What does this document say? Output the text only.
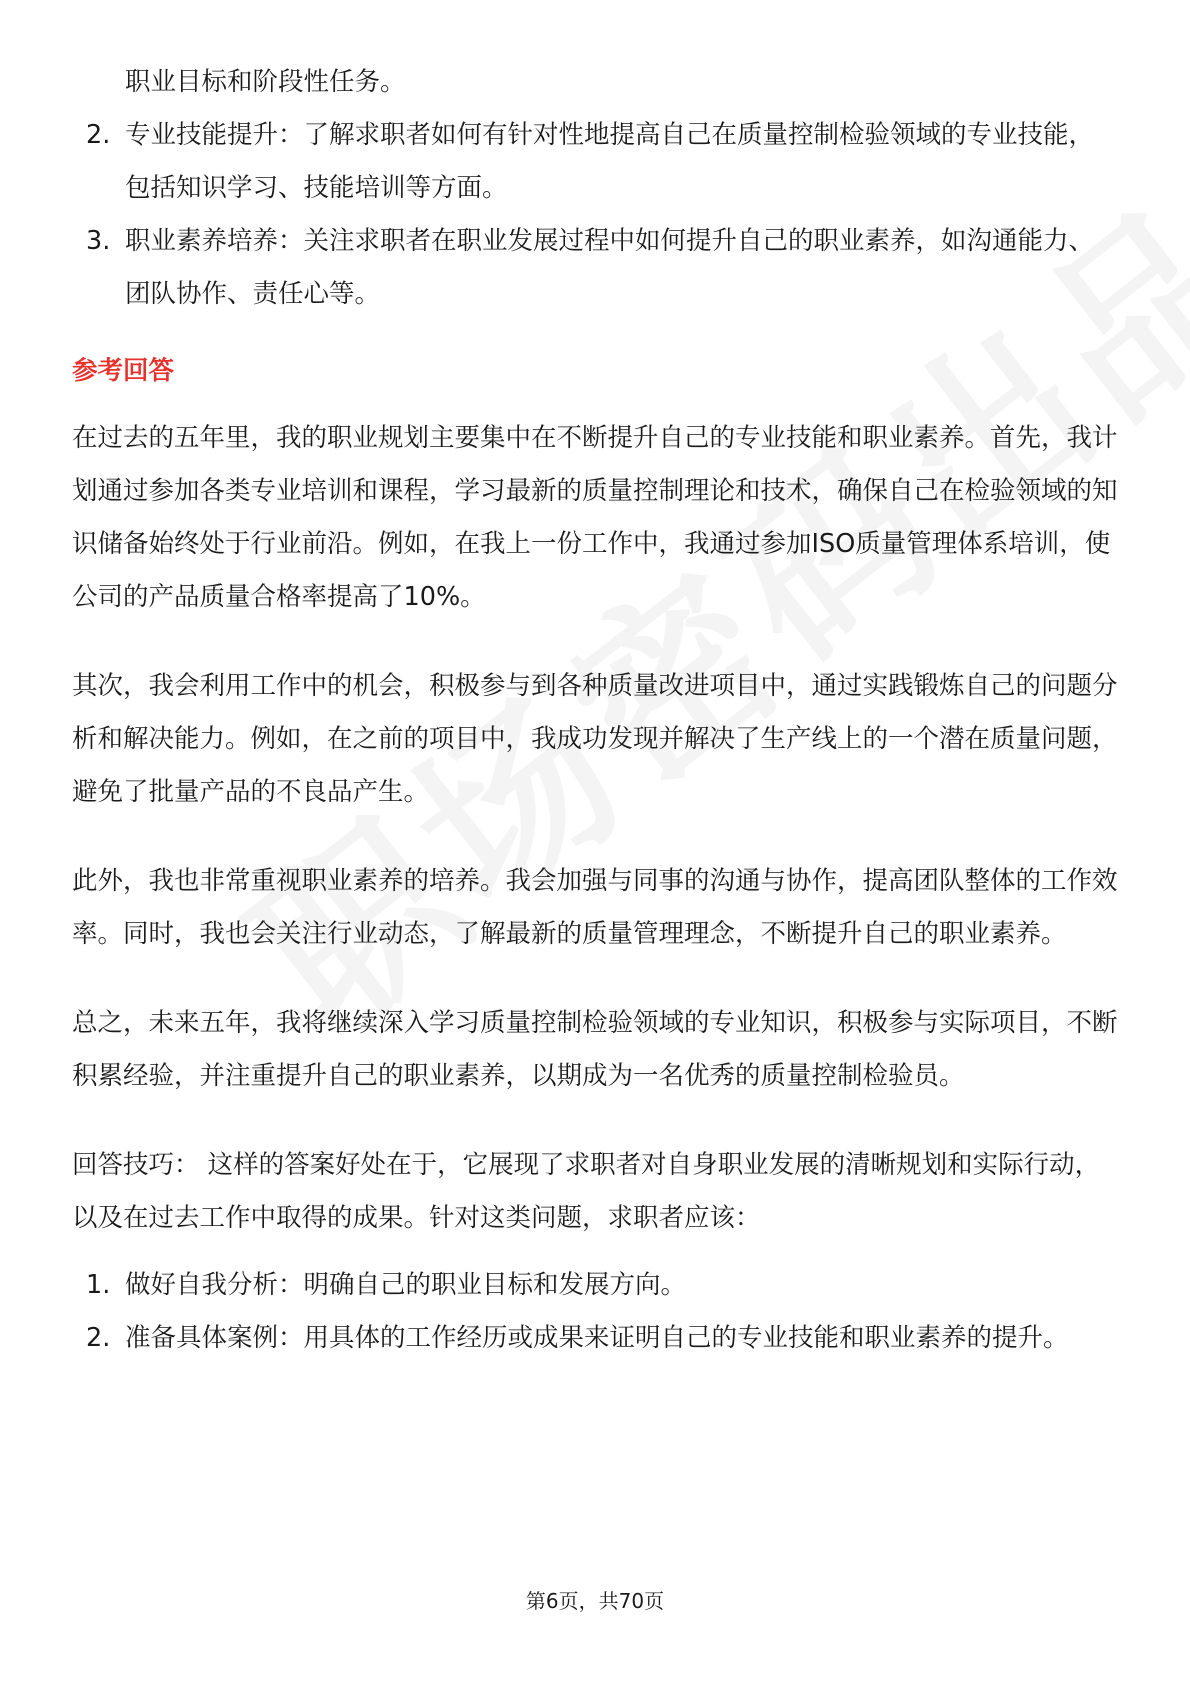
职业目标和阶段性任务。
2. 专业技能提升：了解求职者如何有针对性地提高自己在质量控制检验领域的专业技能，包括知识学习、技能培训等方面。
3. 职业素养培养：关注求职者在职业发展过程中如何提升自己的职业素养，如沟通能力、团队协作、责任心等。
参考回答

在过去的五年里，我的职业规划主要集中在不断提升自己的专业技能和职业素养。首先，我计划通过参加各类专业培训和课程，学习最新的质量控制理论和技术，确保自己在检验领域的知识储备始终处于行业前沿。例如，在我上一份工作中，我通过参加ISO质量管理体系培训，使公司的产品质量合格率提高了10%。

其次，我会利用工作中的机会，积极参与到各种质量改进项目中，通过实践锻炼自己的问题分析和解决能力。例如，在之前的项目中，我成功发现并解决了生产线上的一个潜在质量问题，避免了批量产品的不良品产生。

此外，我也非常重视职业素养的培养。我会加强与同事的沟通与协作，提高团队整体的工作效率。同时，我也会关注行业动态，了解最新的质量管理理念，不断提升自己的职业素养。

总之，未来五年，我将继续深入学习质量控制检验领域的专业知识，积极参与实际项目，不断积累经验，并注重提升自己的职业素养，以期成为一名优秀的质量控制检验员。

回答技巧： 这样的答案好处在于，它展现了求职者对自身职业发展的清晰规划和实际行动，以及在过去工作中取得的成果。针对这类问题，求职者应该：

1. 做好自我分析：明确自己的职业目标和发展方向。
2. 准备具体案例：用具体的工作经历或成果来证明自己的专业技能和职业素养的提升。
第6页，共70页
